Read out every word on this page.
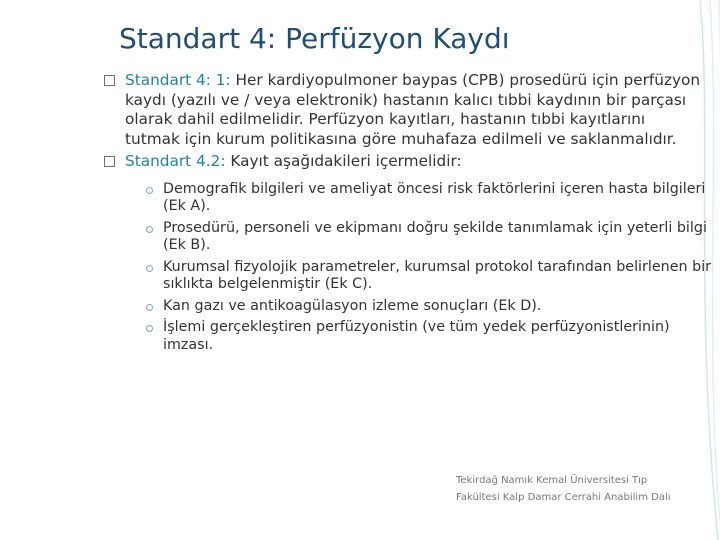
Standart 4: Perfüzyon Kaydı
Standart 4: 1: Her kardiyopulmoner baypas (CPB) prosedürü için perfüzyon kaydı (yazılı ve / veya elektronik) hastanın kalıcı tıbbi kaydının bir parçası olarak dahil edilmelidir. Perfüzyon kayıtları, hastanın tıbbi kayıtlarını tutmak için kurum politikasına göre muhafaza edilmeli ve saklanmalıdır.
Standart 4.2: Kayıt aşağıdakileri içermelidir:
Demografik bilgileri ve ameliyat öncesi risk faktörlerini içeren hasta bilgileri (Ek A).
Prosedürü, personeli ve ekipmanı doğru şekilde tanımlamak için yeterli bilgi (Ek B).
Kurumsal fizyolojik parametreler, kurumsal protokol tarafından belirlenen bir sıklıkta belgelenmiştir (Ek C).
Kan gazı ve antikoagülasyon izleme sonuçları (Ek D).
İşlemi gerçekleştiren perfüzyonistin (ve tüm yedek perfüzyonistlerinin) imzası.
Tekirdağ Namık Kemal Üniversitesi Tıp
Fakültesi Kalp Damar Cerrahi Anabilim Dalı
